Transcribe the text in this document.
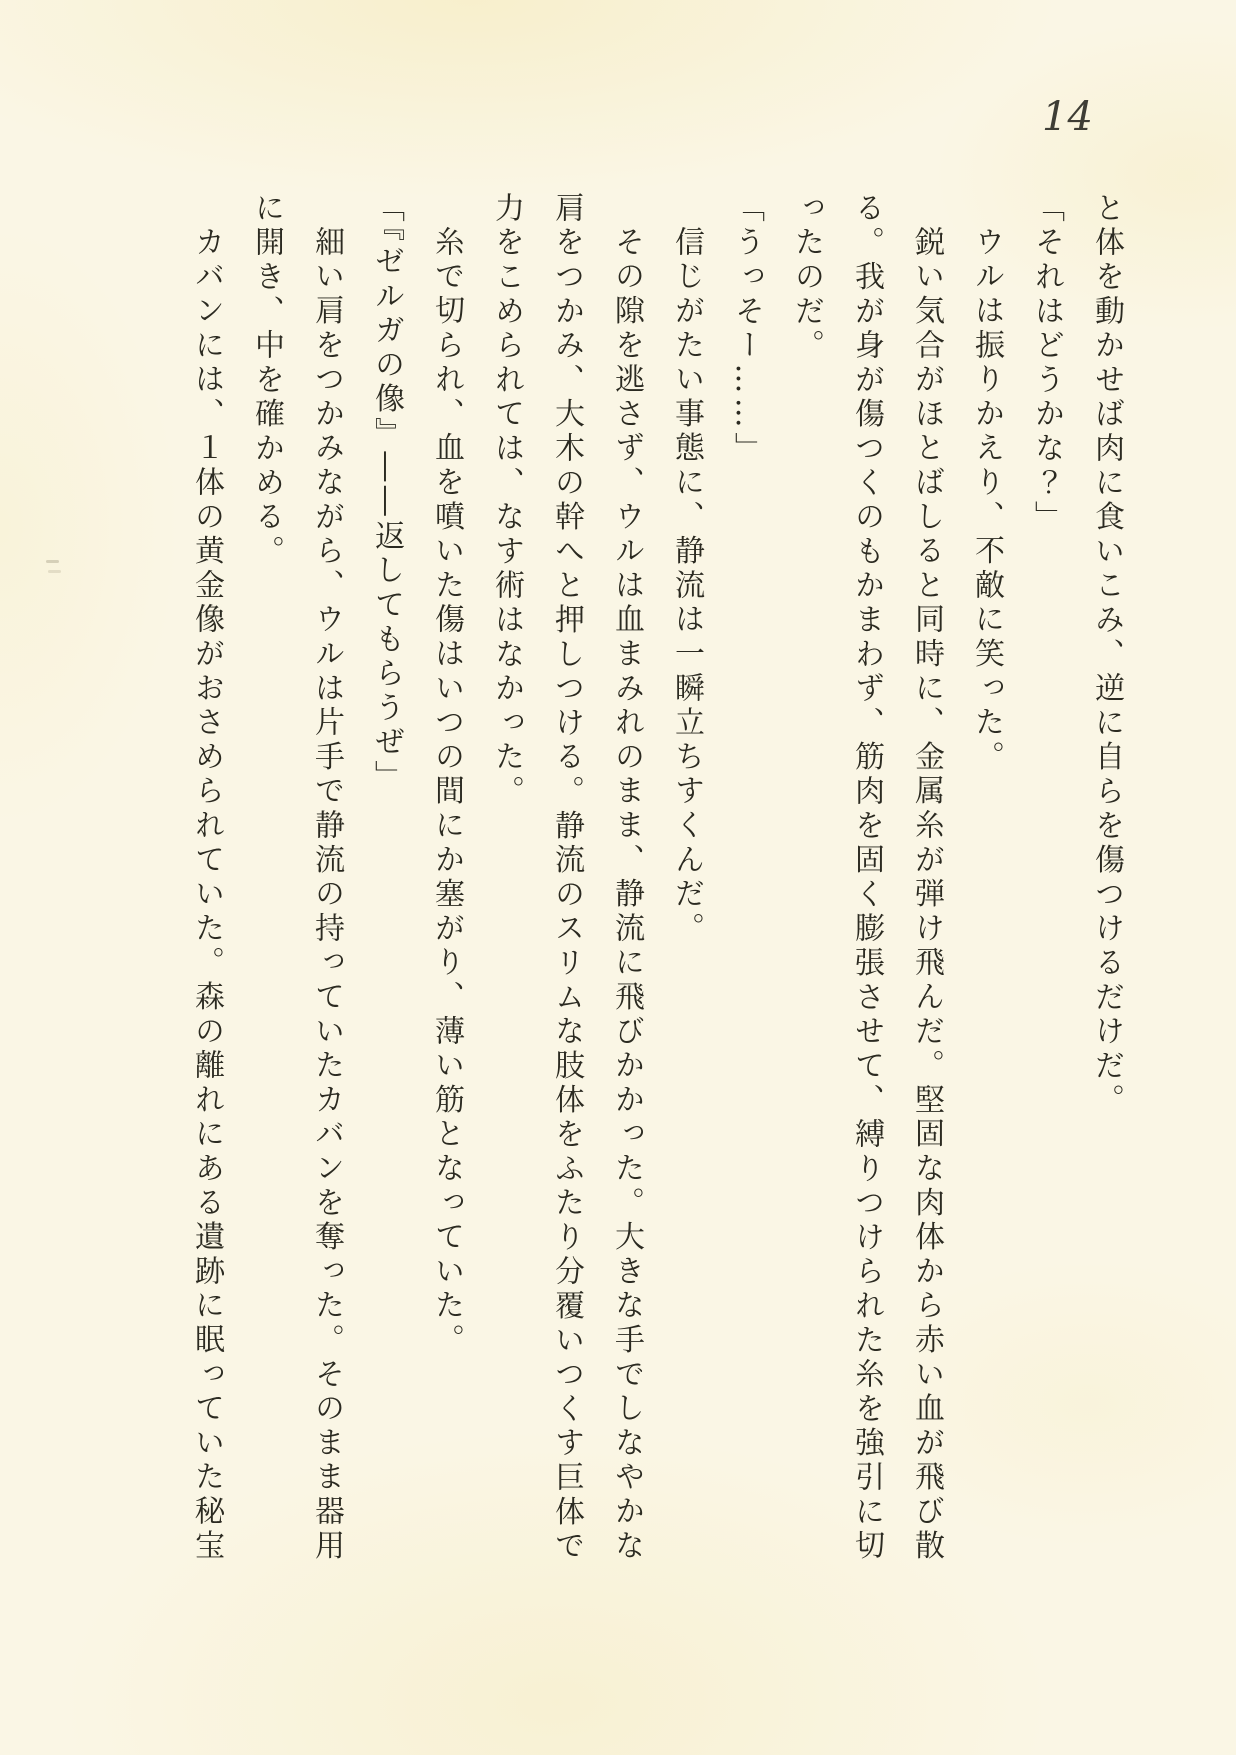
14

と体を動かせば肉に食いこみ、逆に自らを傷つけるだけだ。

「それはどうかな？」

ウルは振りかえり、不敵に笑った。

鋭い気合がほとばしると同時に、金属糸が弾け飛んだ。堅固な肉体から赤い血が飛び散る。我が身が傷つくのもかまわず、筋肉を固く膨張させて、縛りつけられた糸を強引に切ったのだ。

「うっそー……」

信じがたい事態に、静流は一瞬立ちすくんだ。

その隙を逃さず、ウルは血まみれのまま、静流に飛びかかった。大きな手でしなやかな肩をつかみ、大木の幹へと押しつける。静流のスリムな肢体をふたり分覆いつくす巨体で力をこめられては、なす術はなかった。

糸で切られ、血を噴いた傷はいつの間にか塞がり、薄い筋となっていた。

「『ゼルガの像』――返してもらうぜ」

細い肩をつかみながら、ウルは片手で静流の持っていたカバンを奪った。そのまま器用に開き、中を確かめる。

カバンには、１体の黄金像がおさめられていた。森の離れにある遺跡に眠っていた秘宝
